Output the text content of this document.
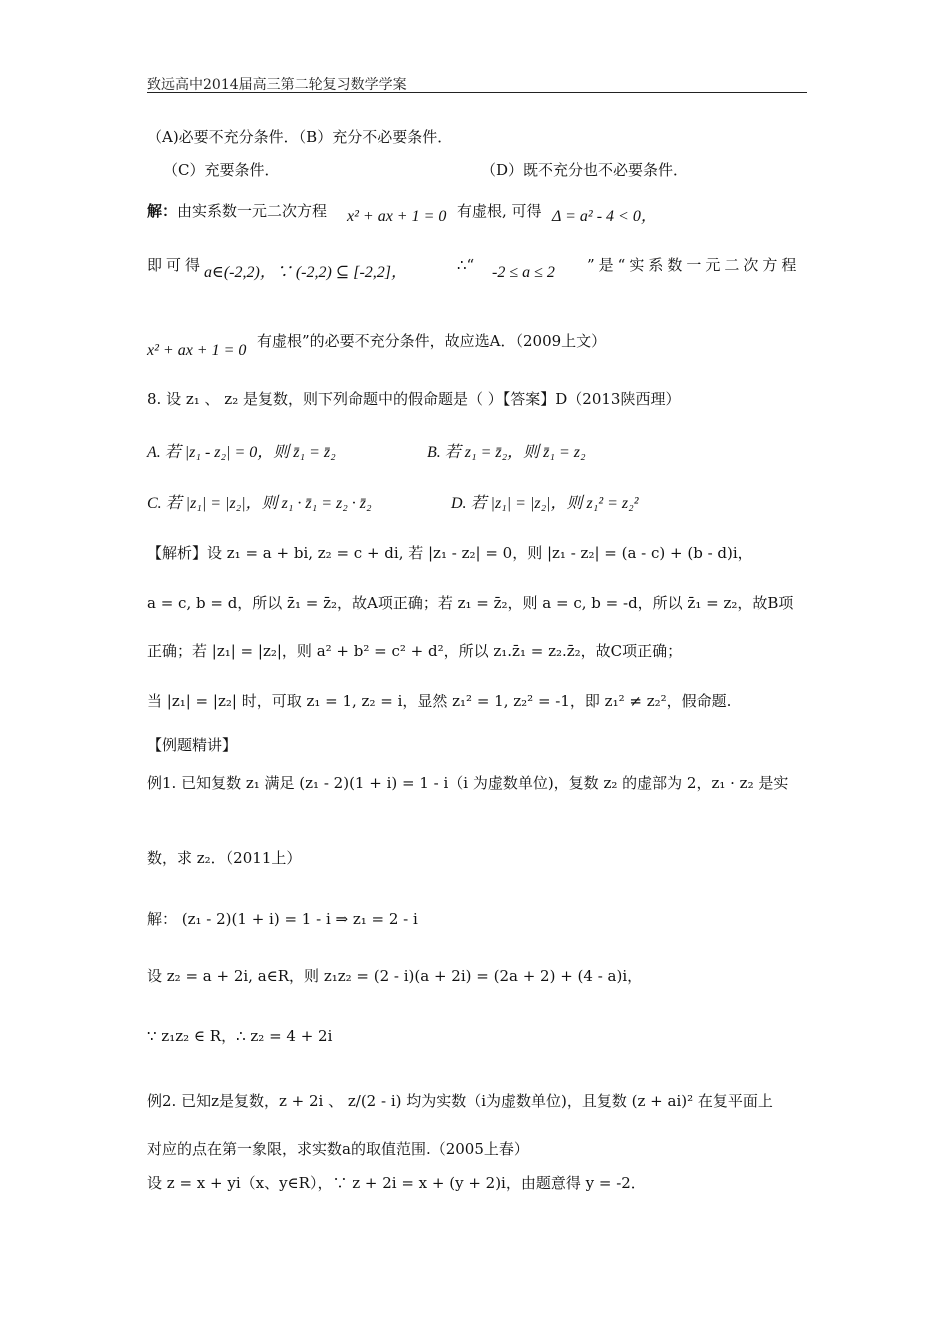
致远高中2014届高三第二轮复习数学学案
（A)必要不充分条件．（B）充分不必要条件．
（C）充要条件．	（D）既不充分也不必要条件．
解：由实系数一元二次方程 x² + ax + 1 = 0 有虚根, 可得 Δ = a² - 4 < 0，
即可得 a∈(-2,2)，∵ (-2,2) ⊆ [-2,2]，	∴“ -2 ≤ a ≤ 2 ”是“实系数一元二次方程
x² + ax + 1 = 0
有虚根”的必要不充分条件，故应选A．（2009上文）
8. 设 z₁ 、 z₂ 是复数，则下列命题中的假命题是（ ）【答案】D（2013陕西理）
A. 若 |z₁ - z₂| = 0，则 z̄₁ = z̄₂	B. 若 z₁ = z̄₂，则 z̄₁ = z₂
C. 若 |z₁| = |z₂|，则 z₁ · z̄₁ = z₂ · z̄₂	D. 若 |z₁| = |z₂|，则 z₁² = z₂²
【解析】设 z₁ = a + bi, z₂ = c + di, 若 |z₁ - z₂| = 0，则 |z₁ - z₂| = (a - c) + (b - d)i，
a = c, b = d，所以 z̄₁ = z̄₂，故A项正确；若 z₁ = z̄₂，则 a = c, b = -d，所以 z̄₁ = z₂，故B项
正确；若 |z₁| = |z₂|，则 a² + b² = c² + d²，所以 z₁.z̄₁ = z₂.z̄₂，故C项正确；
当 |z₁| = |z₂| 时，可取 z₁ = 1, z₂ = i，显然 z₁² = 1, z₂² = -1，即 z₁² ≠ z₂²，假命题.
【例题精讲】
例1. 已知复数 z₁ 满足 (z₁ - 2)(1 + i) = 1 - i（i 为虚数单位)，复数 z₂ 的虚部为 2，z₁ · z₂ 是实
数，求 z₂．（2011上）
解： (z₁ - 2)(1 + i) = 1 - i ⇒ z₁ = 2 - i
设 z₂ = a + 2i, a∈R，则 z₁z₂ = (2 - i)(a + 2i) = (2a + 2) + (4 - a)i，
∵ z₁z₂ ∈ R，∴ z₂ = 4 + 2i
例2. 已知z是复数，z + 2i 、 z/(2 - i) 均为实数（i为虚数单位)，且复数 (z + ai)² 在复平面上
对应的点在第一象限，求实数a的取值范围.（2005上春）
设 z = x + yi（x、y∈R），∵ z + 2i = x + (y + 2)i，由题意得 y = -2．
